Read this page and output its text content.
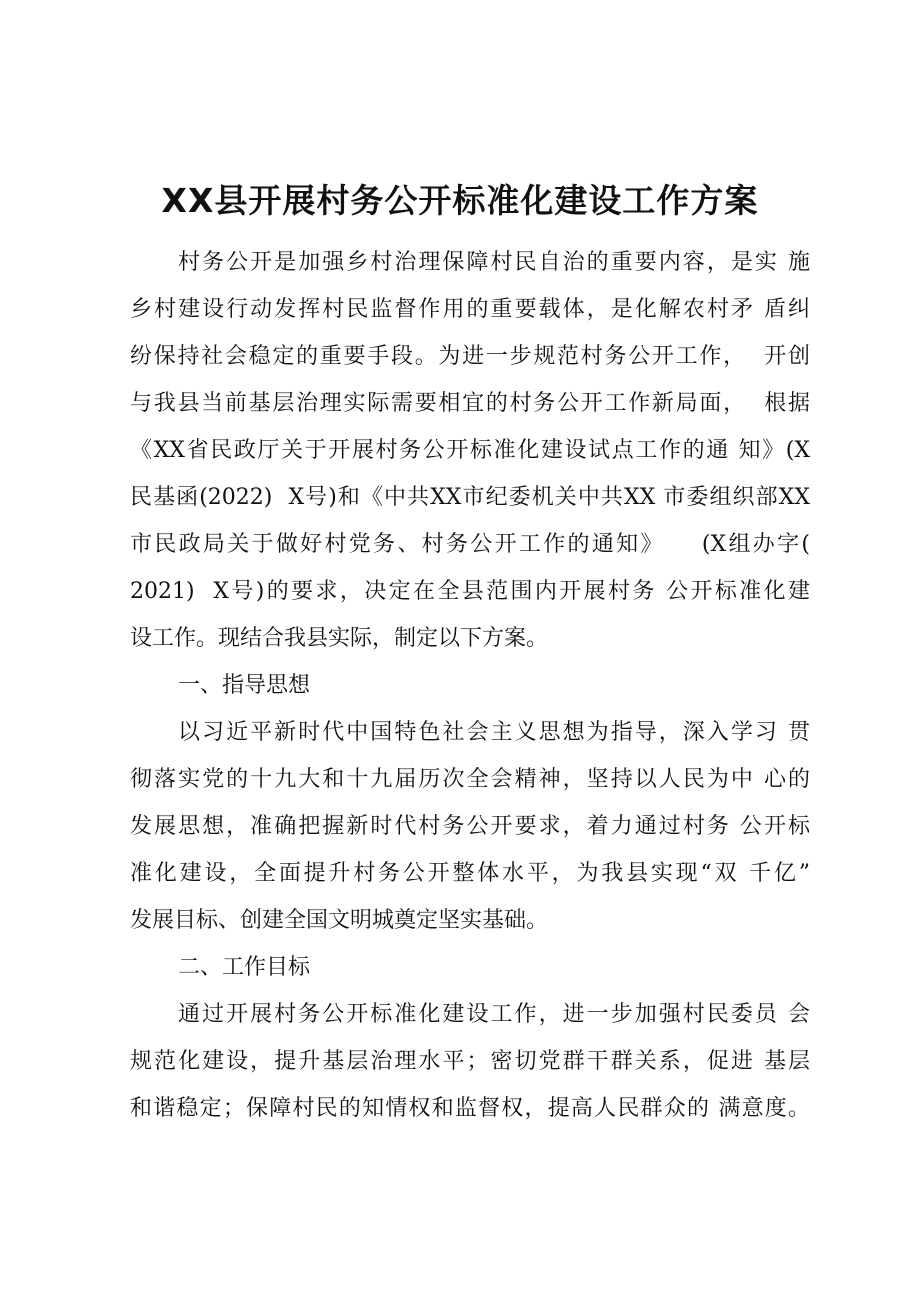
XX县开展村务公开标准化建设工作方案
村务公开是加强乡村治理保障村民自治的重要内容，是实 施
乡村建设行动发挥村民监督作用的重要载体，是化解农村矛 盾纠
纷保持社会稳定的重要手段。为进一步规范村务公开工作，  开创
与我县当前基层治理实际需要相宜的村务公开工作新局面，  根据
《XX省民政厅关于开展村务公开标准化建设试点工作的通 知》(X
民基函(2022)  X号)和《中共XX市纪委机关中共XX 市委组织部XX
市民政局关于做好村党务、村务公开工作的通知》    (X组办字(
2021)  X号)的要求，决定在全县范围内开展村务 公开标准化建
设工作。现结合我县实际，制定以下方案。
一、指导思想
以习近平新时代中国特色社会主义思想为指导，深入学习 贯
彻落实党的十九大和十九届历次全会精神，坚持以人民为中 心的
发展思想，准确把握新时代村务公开要求，着力通过村务 公开标
准化建设，全面提升村务公开整体水平，为我县实现“双 千亿”
发展目标、创建全国文明城奠定坚实基础。
二、工作目标
通过开展村务公开标准化建设工作，进一步加强村民委员 会
规范化建设，提升基层治理水平；密切党群干群关系，促进 基层
和谐稳定；保障村民的知情权和监督权，提高人民群众的 满意度。
